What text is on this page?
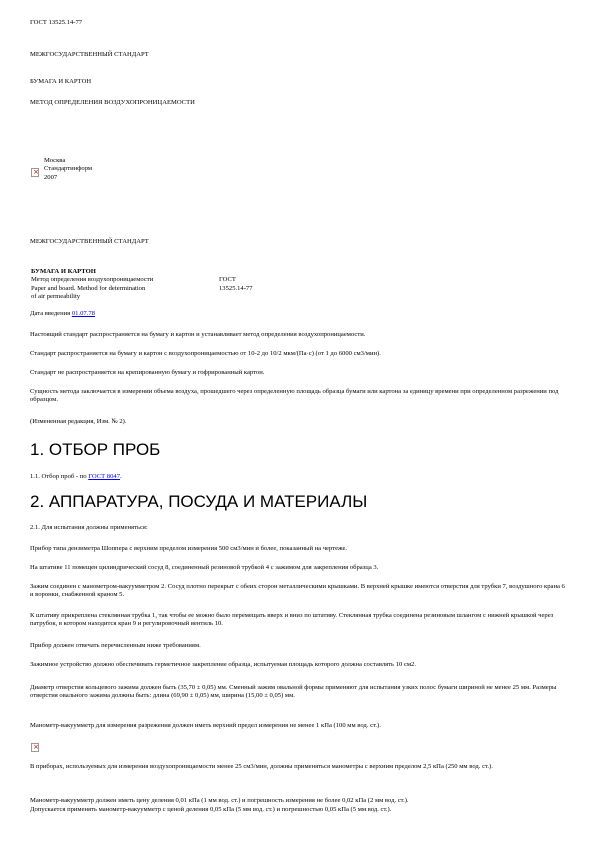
ГОСТ 13525.14-77
МЕЖГОСУДАРСТВЕННЫЙ СТАНДАРТ
БУМАГА И КАРТОН
МЕТОД ОПРЕДЕЛЕНИЯ ВОЗДУХОПРОНИЦАЕМОСТИ
×
Москва
Стандартинформ
2007
МЕЖГОСУДАРСТВЕННЫЙ СТАНДАРТ
БУМАГА И КАРТОН	
Метод определения воздухопроницаемости	ГОСТ
Paper and board. Method for determination	13525.14-77
of air permeability	
Дата введения 01.07.78
Настоящий стандарт распространяется на бумагу и картон и устанавливает метод определения воздухопроницаемости.
Стандарт распространяется на бумагу и картон с воздухопроницаемостью от 10-2 до 10/2 мкм/(Па·с) (от 1 до 6000 см3/мин).
Стандарт не распространяется на крепированную бумагу и гофрированный картон.
Сущность метода заключается в измерении объема воздуха, прошедшего через определенную площадь образца бумаги или картона за единицу времени при определенном разрежении под образцом.
(Измененная редакция, Изм. № 2).
1. ОТБОР ПРОБ
1.1. Отбор проб - по ГОСТ 8047.
2. АППАРАТУРА, ПОСУДА И МАТЕРИАЛЫ
2.1. Для испытания должны применяться:
Прибор типа дензиметра Шоппера с верхним пределом измерения 500 см3/мин и более, показанный на чертеже.
На штативе 11 помещен цилиндрический сосуд 8, соединенный резиновой трубкой 4 с зажимом для закрепления образца 3.
Зажим соединен с манометром-вакуумметром 2. Сосуд плотно перекрыт с обеих сторон металлическими крышками. В верхней крышке имеются отверстия для трубки 7, воздушного крана 6 и воронки, снабженной краном 5.
К штативу прикреплена стеклянная трубка 1, так чтобы ее можно было перемещать вверх и вниз по штативу. Стеклянная трубка соединена резиновым шлангом с нижней крышкой через патрубок, в котором находится кран 9 и регулировочный вентиль 10.
Прибор должен отвечать перечисленным ниже требованиям.
Зажимное устройство должно обеспечивать герметичное закрепление образца, испытуемая площадь которого должна составлять 10 см2.
Диаметр отверстия кольцевого зажима должен быть (35,70 ± 0,05) мм. Сменный зажим овальной формы применяют для испытания узких полос бумаги шириной не менее 25 мм. Размеры отверстия овального зажима должны быть: длина (69,90 ± 0,05) мм, ширина (15,00 ± 0,05) мм.
Манометр-вакуумметр для измерения разрежения должен иметь верхний предел измерения не менее 1 кПа (100 мм вод. ст.).
×
В приборах, используемых для измерения воздухопроницаемости менее 25 см3/мин, должны применяться манометры с верхним пределом 2,5 кПа (250 мм вод. ст.).
Манометр-вакуумметр должен иметь цену деления 0,01 кПа (1 мм вод. ст.) и погрешность измерения не более 0,02 кПа (2 мм вод. ст.).
Допускается применять манометр-вакуумметр с ценой деления 0,05 кПа (5 мм вод. ст.) и погрешностью 0,05 кПа (5 мм вод. ст.).
